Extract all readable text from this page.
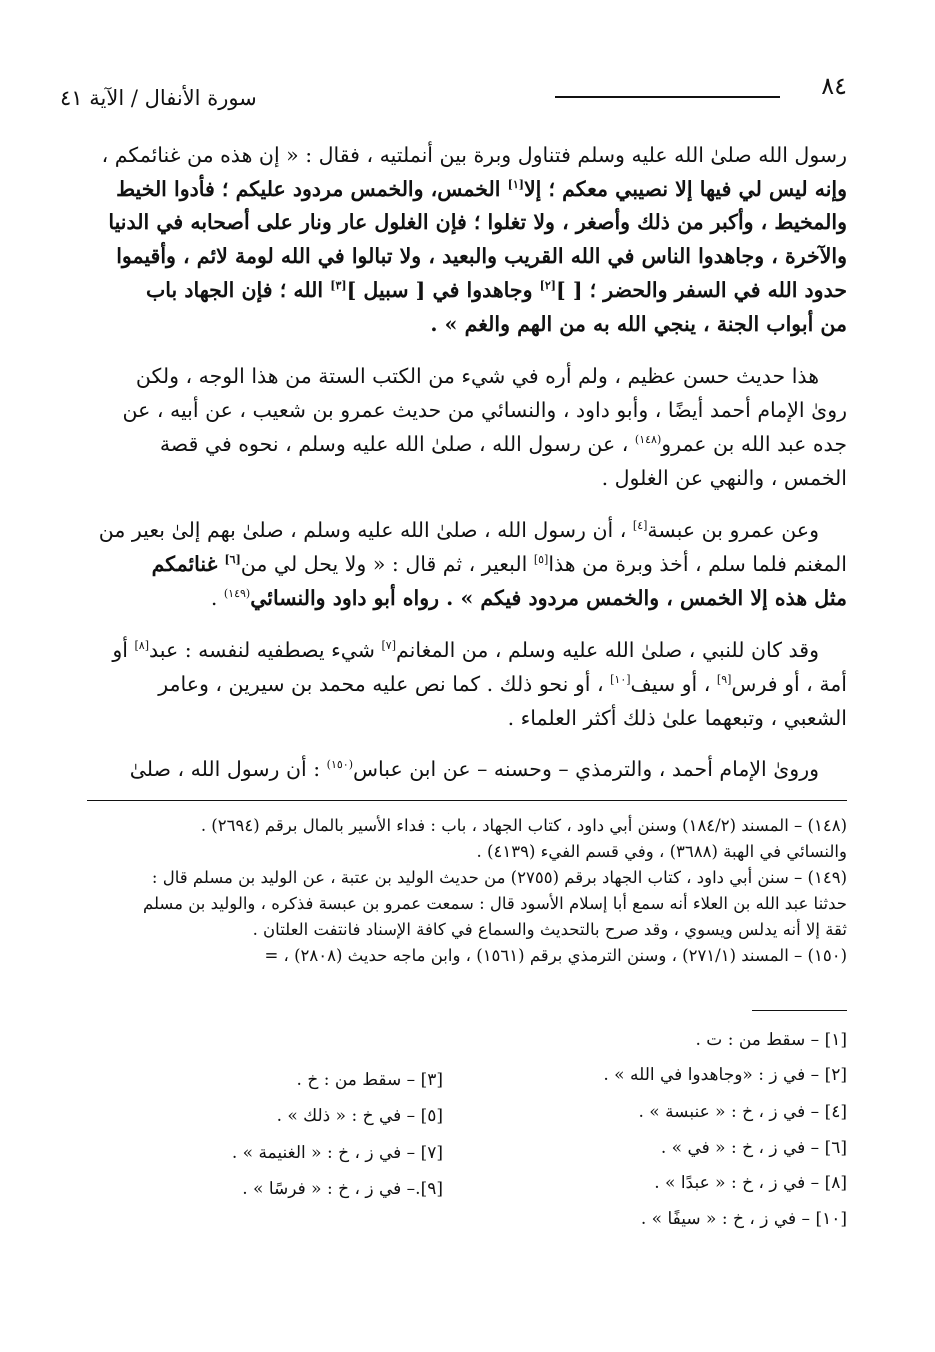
٨٤
سورة الأنفال / الآية ٤١
رسول الله صلىٰ الله عليه وسلم فتناول وبرة بين أنملتيه ، فقال : « إن هذه من غنائمكم ،
وإنه ليس لي فيها إلا نصيبي معكم ؛ إلا[١] الخمس، والخمس مردود عليكم ؛ فأدوا الخيط
والمخيط ، وأكبر من ذلك وأصغر ، ولا تغلوا ؛ فإن الغلول عار ونار على أصحابه في الدنيا
والآخرة ، وجاهدوا الناس في الله القريب والبعيد ، ولا تبالوا في الله لومة لائم ، وأقيموا
حدود الله في السفر والحضر ؛ [ ][٢] وجاهدوا في [ سبيل ][٣] الله ؛ فإن الجهاد باب
من أبواب الجنة ، ينجي الله به من الهم والغم » .
هذا حديث حسن عظيم ، ولم أره في شيء من الكتب الستة من هذا الوجه ، ولكن
روىٰ الإمام أحمد أيضًا ، وأبو داود ، والنسائي من حديث عمرو بن شعيب ، عن أبيه ، عن
جده عبد الله بن عمرو$^{(١٤٨)}$ ، عن رسول الله ، صلىٰ الله عليه وسلم ، نحوه في قصة
الخمس ، والنهي عن الغلول .
وعن عمرو بن عبسة[٤] ، أن رسول الله ، صلىٰ الله عليه وسلم ، صلىٰ بهم إلىٰ بعير من
المغنم فلما سلم ، أخذ وبرة من هذا[٥] البعير ، ثم قال : « ولا يحل لي من[٦] غنائمكم
مثل هذه إلا الخمس ، والخمس مردود فيكم » . رواه أبو داود والنسائي$^{(١٤٩)}$ .
وقد كان للنبي ، صلىٰ الله عليه وسلم ، من المغانم[٧] شيء يصطفيه لنفسه : عبد[٨] أو
أمة ، أو فرس[٩] ، أو سيف[١٠] ، أو نحو ذلك . كما نص عليه محمد بن سيرين ، وعامر
الشعبي ، وتبعهما علىٰ ذلك أكثر العلماء .
وروىٰ الإمام أحمد ، والترمذي – وحسنه – عن ابن عباس$^{(١٥٠)}$ : أن رسول الله ، صلىٰ
(١٤٨) – المسند (١٨٤/٢) وسنن أبي داود ، كتاب الجهاد ، باب : فداء الأسير بالمال برقم (٢٦٩٤) .
والنسائي في الهبة (٣٦٨٨) ، وفي قسم الفيء (٤١٣٩) .
(١٤٩) – سنن أبي داود ، كتاب الجهاد برقم (٢٧٥٥) من حديث الوليد بن عتبة ، عن الوليد بن مسلم قال :
حدثنا عبد الله بن العلاء أنه سمع أبا إسلام الأسود قال : سمعت عمرو بن عبسة فذكره ، والوليد بن مسلم
ثقة إلا أنه يدلس ويسوي ، وقد صرح بالتحديث والسماع في كافة الإسناد فانتفت العلتان .
(١٥٠) – المسند (٢٧١/١) ، وسنن الترمذي برقم (١٥٦١) ، وابن ماجه حديث (٢٨٠٨) ، =
[١] – سقط من : ت .
[٢] – في ز : «وجاهدوا في الله » .
[٤] – في ز ، خ : « عنبسة » .
[٦] – في ز ، خ : « في » .
[٨] – في ز ، خ : « عبدًا » .
[١٠] – في ز ، خ : « سيفًا » .
[٣] – سقط من : خ .
[٥] – في خ : « ذلك » .
[٧] – في ز ، خ : « الغنيمة » .
[٩].– في ز ، خ : « فرسًا » .
